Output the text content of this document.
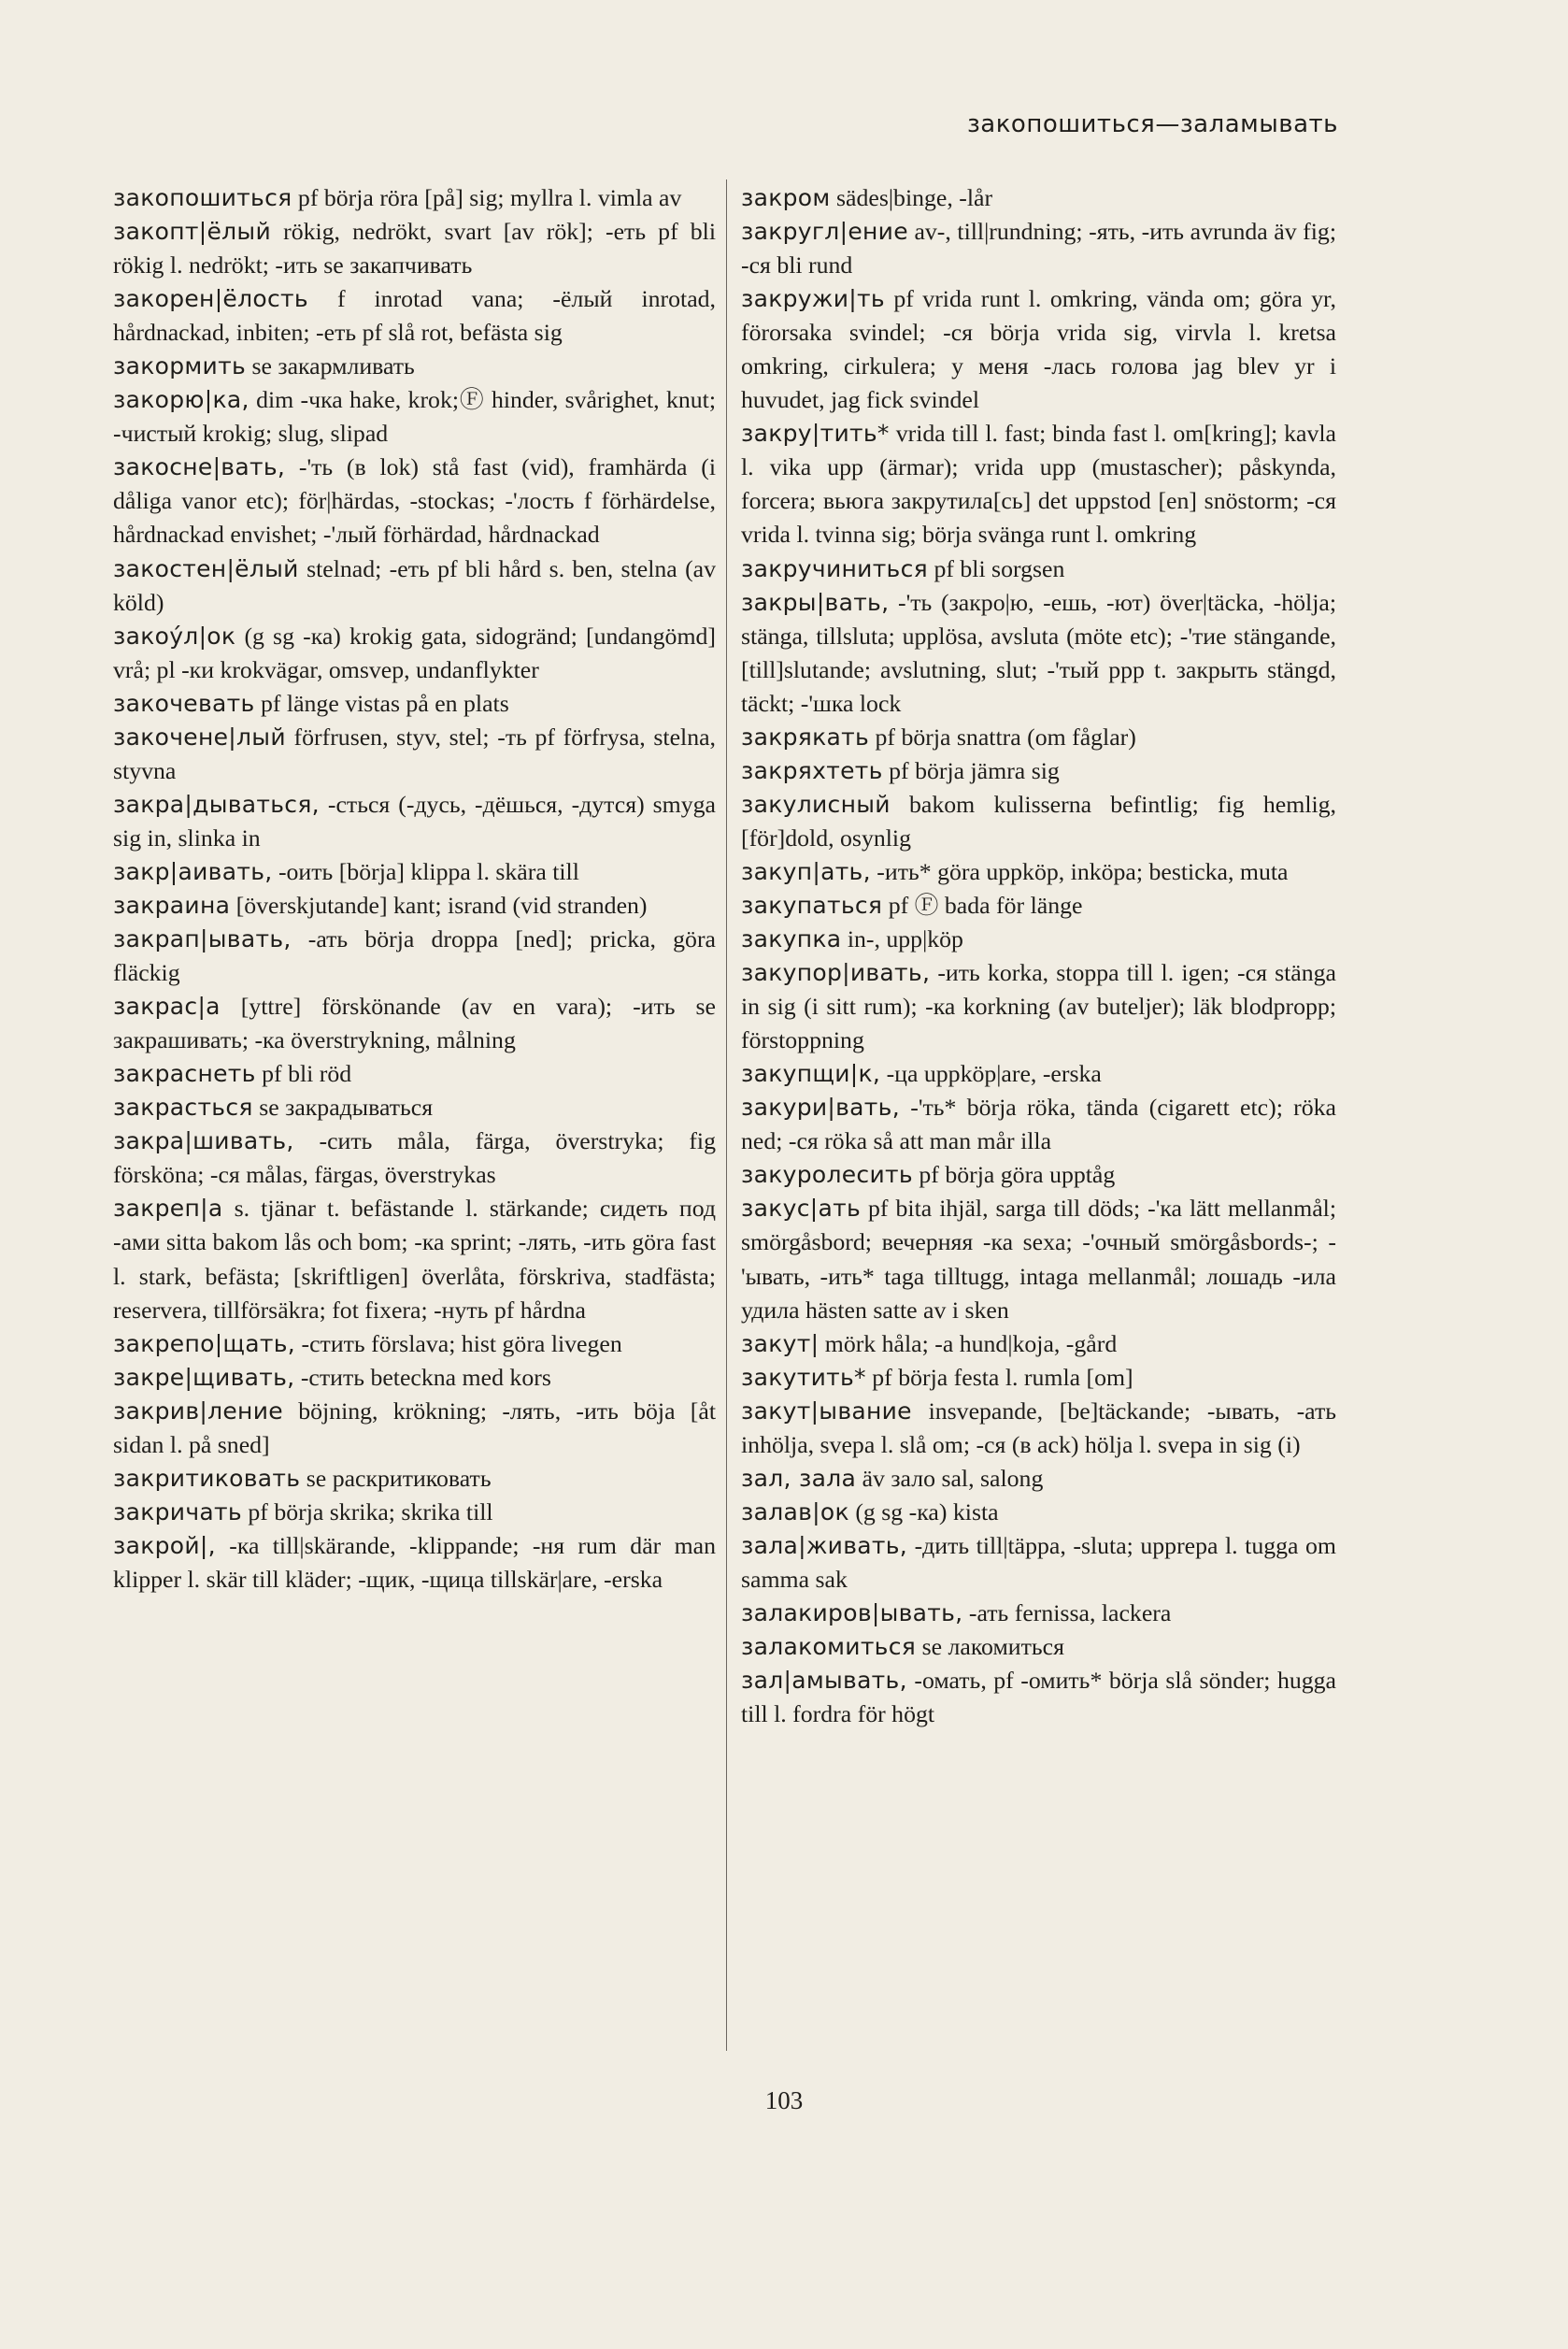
закопошиться—заламывать

закопошиться pf börja röra [på] sig; myllra l. vimla av

закопт|ёлый rökig, nedrökt, svart [av rök]; -еть pf bli rökig l. nedrökt; -ить se закапчивать

закорен|ёлость f inrotad vana; -ёлый inrotad, hårdnackad, inbiten; -еть pf slå rot, befästa sig

закормить se закармливать

закорю|ка, dim -чка hake, krok;Ⓕ hinder, svårighet, knut; -чистый krokig; slug, slipad

закосне|вать, -'ть (в lok) stå fast (vid), framhärda (i dåliga vanor etc); för|härdas, -stockas; -'лость f förhärdelse, hårdnackad envishet; -'лый förhärdad, hårdnackad

закостен|ёлый stelnad; -еть pf bli hård s. ben, stelna (av köld)

закоу́л|ок (g sg -ка) krokig gata, sidogränd; [undangömd] vrå; pl -ки krokvägar, omsvep, undanflykter

закочевать pf länge vistas på en plats

закочене|лый förfrusen, styv, stel; -ть pf förfrysa, stelna, styvna

закра|дываться, -сться (-дусь, -дёшься, -дутся) smyga sig in, slinka in

закр|аивать, -оить [börja] klippa l. skära till

закраина [överskjutande] kant; isrand (vid stranden)

закрап|ывать, -ать börja droppa [ned]; pricka, göra fläckig

закрас|а [yttre] förskönande (av en vara); -ить se закрашивать; -ка överstrykning, målning

закраснеть pf bli röd

закрасться se закрадываться

закра|шивать, -сить måla, färga, överstryka; fig försköna; -ся målas, färgas, överstrykas

закреп|а s. tjänar t. befästande l. stärkande; сидеть под -ами sitta bakom lås och bom; -ка sprint; -лять, -ить göra fast l. stark, befästa; [skriftligen] överlåta, förskriva, stadfästa; reservera, tillförsäkra; fot fixera; -нуть pf hårdna

закрепо|щать, -стить förslava; hist göra livegen

закре|щивать, -стить beteckna med kors

закрив|ление böjning, krökning; -лять, -ить böja [åt sidan l. på sned]

закритиковать se раскритиковать

закричать pf börja skrika; skrika till

закрой|, -ка till|skärande, -klippande; -ня rum där man klipper l. skär till kläder; -щик, -щица tillskär|are, -erska

закром sädes|binge, -lår

закругл|ение av-, till|rundning; -ять, -ить avrunda äv fig; -ся bli rund

закружи|ть pf vrida runt l. omkring, vända om; göra yr, förorsaka svindel; -ся börja vrida sig, virvla l. kretsa omkring, cirkulera; у меня -лась голова jag blev yr i huvudet, jag fick svindel

закру|тить* vrida till l. fast; binda fast l. om[kring]; kavla l. vika upp (ärmar); vrida upp (mustascher); påskynda, forcera; вьюга закрутила[сь] det uppstod [en] snöstorm; -ся vrida l. tvinna sig; börja svänga runt l. omkring

закручиниться pf bli sorgsen

закры|вать, -'ть (закро|ю, -ешь, -ют) över|täcka, -hölja; stänga, tillsluta; upplösa, avsluta (möte etc); -'тие stängande, [till]slutande; avslutning, slut; -'тый ppp t. закрыть stängd, täckt; -'шка lock

закрякать pf börja snattra (om fåglar)

закряхтеть pf börja jämra sig

закулисный bakom kulisserna befintlig; fig hemlig, [för]dold, osynlig

закуп|ать, -ить* göra uppköp, inköpa; besticka, muta

закупаться pf Ⓕ bada för länge

закупка in-, upp|köp

закупор|ивать, -ить korka, stoppa till l. igen; -ся stänga in sig (i sitt rum); -ка korkning (av buteljer); läk blodpropp; förstoppning

закупщи|к, -ца uppköp|are, -erska

закури|вать, -'ть* börja röka, tända (cigarett etc); röka ned; -ся röka så att man mår illa

закуролесить pf börja göra upptåg

закус|ать pf bita ihjäl, sarga till döds; -'ка lätt mellanmål; smörgåsbord; вечерняя -ка sexa; -'очный smörgåsbords-; -'ывать, -ить* taga tilltugg, intaga mellanmål; лошадь -ила удила hästen satte av i sken

закут| mörk håla; -а hund|koja, -gård

закутить* pf börja festa l. rumla [om]

закут|ывание insvepande, [be]täckande; -ывать, -ать inhölja, svepa l. slå om; -ся (в ack) hölja l. svepa in sig (i)

зал, зала äv зало sal, salong

залав|ок (g sg -ка) kista

зала|живать, -дить till|täppa, -sluta; upprepa l. tugga om samma sak

залакиров|ывать, -ать fernissa, lackera

залакомиться se лакомиться

зал|амывать, -омать, pf -омить* börja slå sönder; hugga till l. fordra för högt

103
